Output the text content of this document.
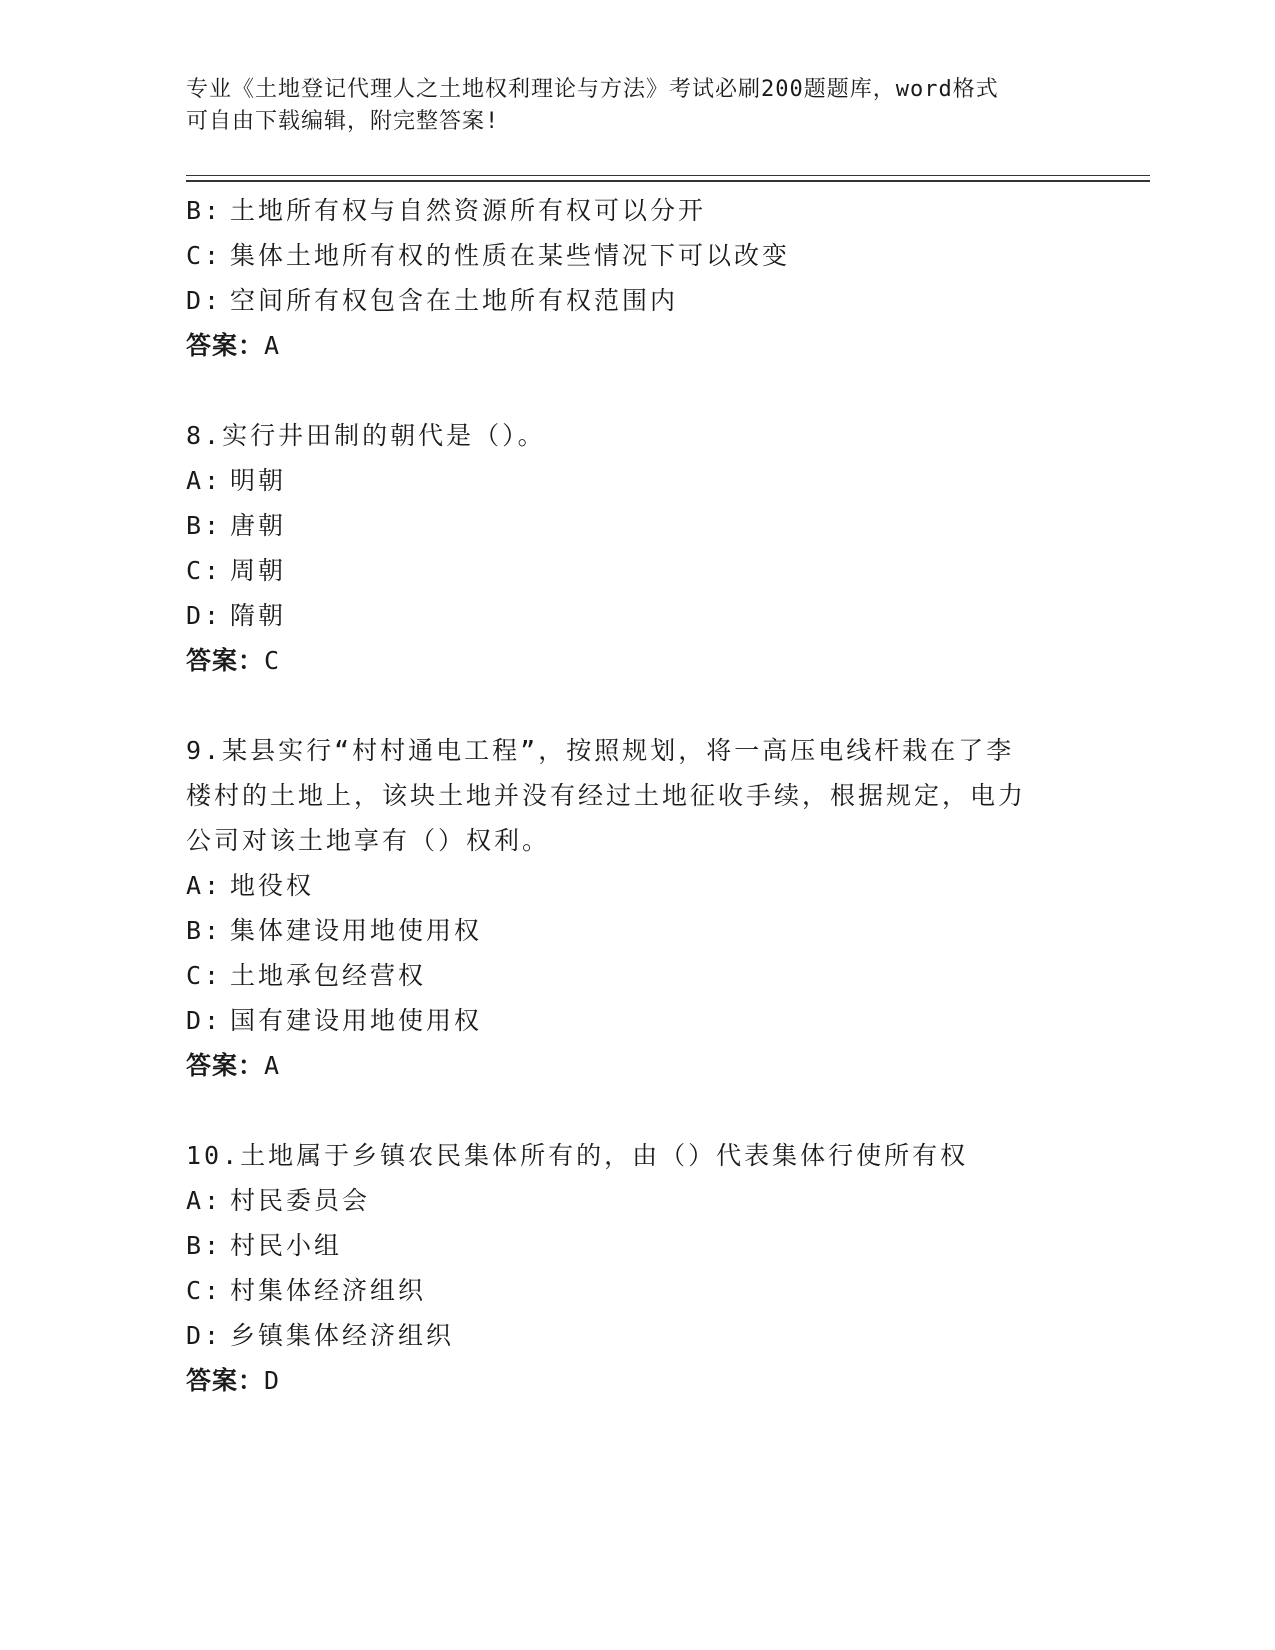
专业《土地登记代理人之土地权利理论与方法》考试必刷200题题库，word格式
可自由下载编辑，附完整答案!
B: 土地所有权与自然资源所有权可以分开
C: 集体土地所有权的性质在某些情况下可以改变
D: 空间所有权包含在土地所有权范围内
答案：A
8.实行井田制的朝代是（）。
A: 明朝
B: 唐朝
C: 周朝
D: 隋朝
答案：C
9.某县实行“村村通电工程”，按照规划，将一高压电线杆栽在了李
楼村的土地上，该块土地并没有经过土地征收手续，根据规定，电力
公司对该土地享有（）权利。
A: 地役权
B: 集体建设用地使用权
C: 土地承包经营权
D: 国有建设用地使用权
答案：A
10.土地属于乡镇农民集体所有的，由（）代表集体行使所有权
A: 村民委员会
B: 村民小组
C: 村集体经济组织
D: 乡镇集体经济组织
答案：D
